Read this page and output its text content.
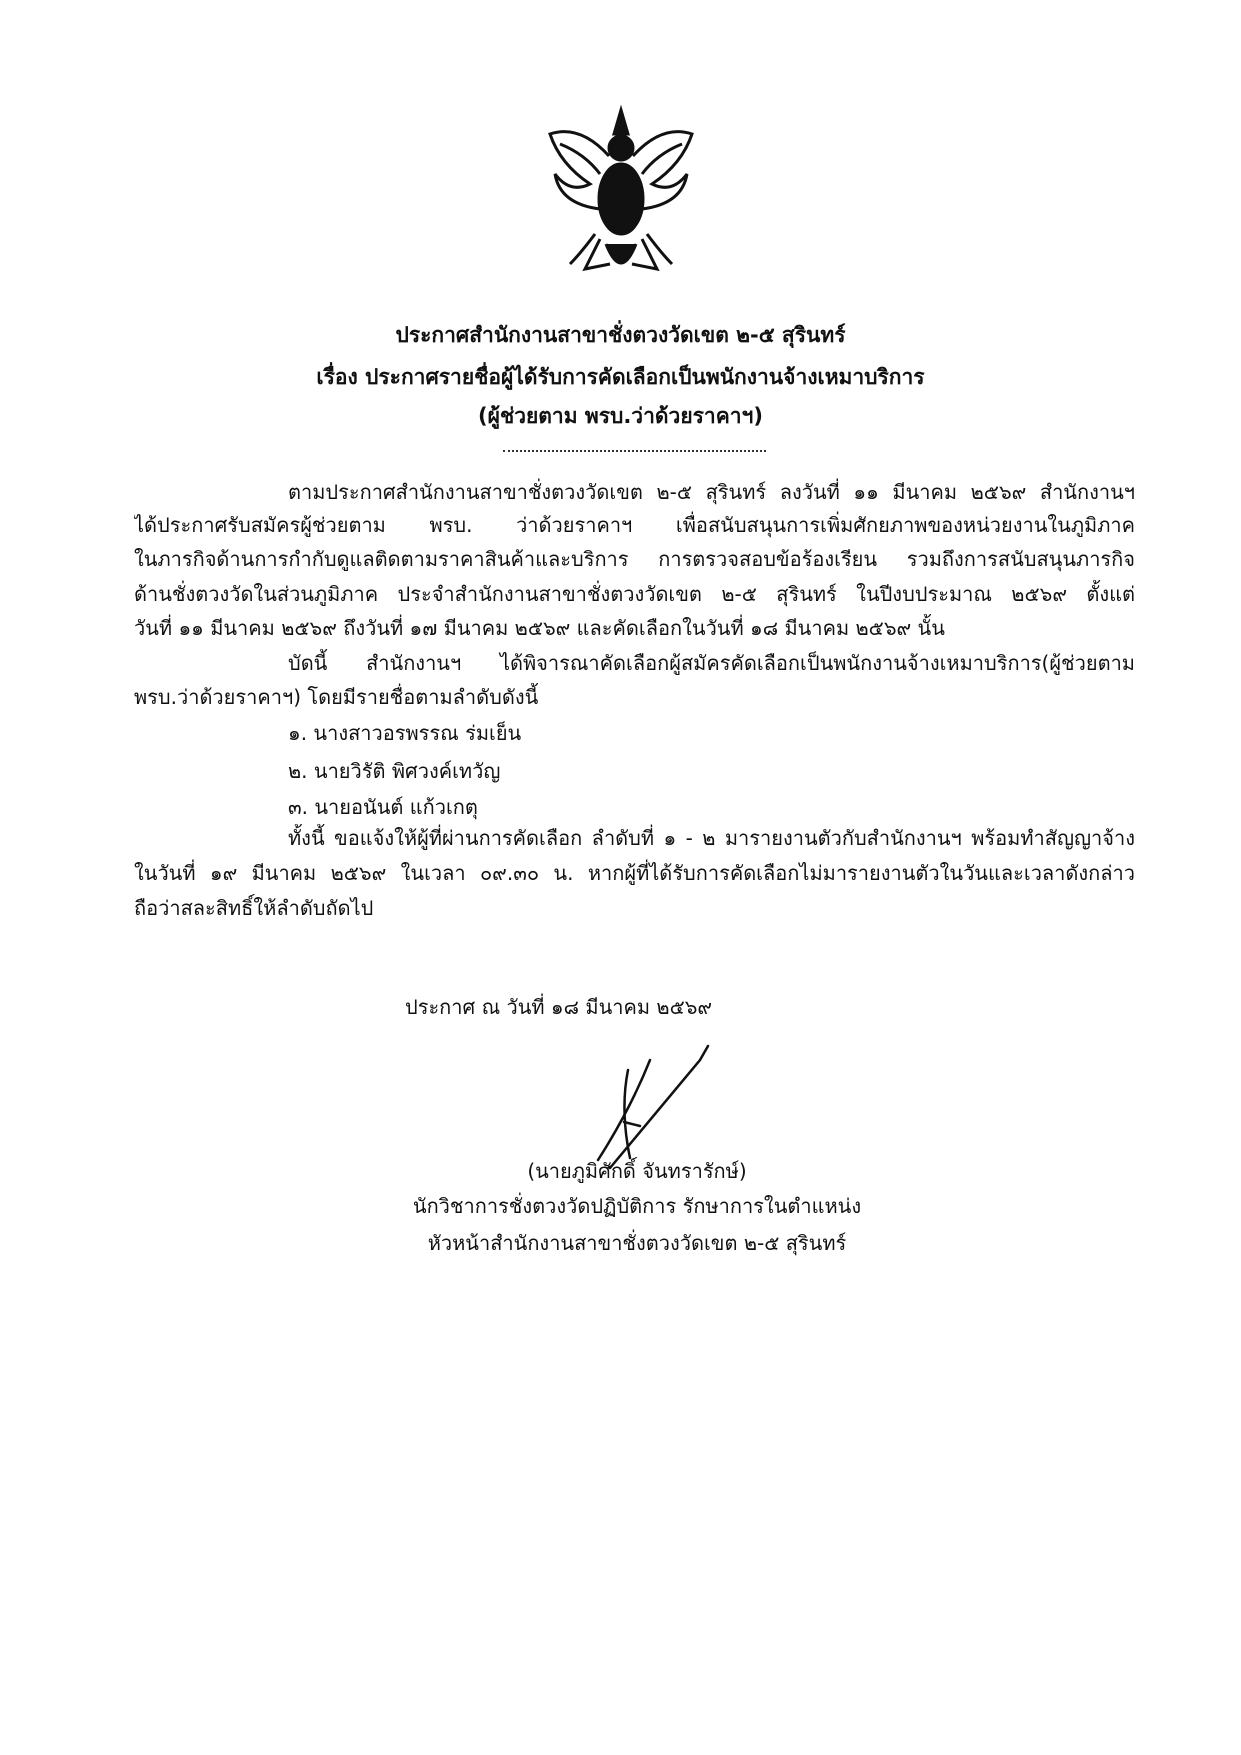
ประกาศสำนักงานสาขาชั่งตวงวัดเขต ๒-๕ สุรินทร์
เรื่อง ประกาศรายชื่อผู้ได้รับการคัดเลือกเป็นพนักงานจ้างเหมาบริการ
(ผู้ช่วยตาม พรบ.ว่าด้วยราคาฯ)
ตามประกาศสำนักงานสาขาชั่งตวงวัดเขต ๒-๕ สุรินทร์ ลงวันที่ ๑๑ มีนาคม ๒๕๖๙ สำนักงานฯ
ได้ประกาศรับสมัครผู้ช่วยตาม พรบ. ว่าด้วยราคาฯ เพื่อสนับสนุนการเพิ่มศักยภาพของหน่วยงานในภูมิภาค
ในภารกิจด้านการกำกับดูแลติดตามราคาสินค้าและบริการ การตรวจสอบข้อร้องเรียน รวมถึงการสนับสนุนภารกิจ
ด้านชั่งตวงวัดในส่วนภูมิภาค ประจำสำนักงานสาขาชั่งตวงวัดเขต ๒-๕ สุรินทร์ ในปีงบประมาณ ๒๕๖๙ ตั้งแต่
วันที่ ๑๑ มีนาคม ๒๕๖๙ ถึงวันที่ ๑๗ มีนาคม ๒๕๖๙ และคัดเลือกในวันที่ ๑๘ มีนาคม ๒๕๖๙ นั้น
บัดนี้ สำนักงานฯ ได้พิจารณาคัดเลือกผู้สมัครคัดเลือกเป็นพนักงานจ้างเหมาบริการ(ผู้ช่วยตาม
พรบ.ว่าด้วยราคาฯ) โดยมีรายชื่อตามลำดับดังนี้
๑. นางสาวอรพรรณ ร่มเย็น
๒. นายวิรัติ พิศวงค์เทวัญ
๓. นายอนันต์ แก้วเกตุ
ทั้งนี้ ขอแจ้งให้ผู้ที่ผ่านการคัดเลือก ลำดับที่ ๑ - ๒ มารายงานตัวกับสำนักงานฯ พร้อมทำสัญญาจ้าง
ในวันที่ ๑๙ มีนาคม ๒๕๖๙ ในเวลา ๐๙.๓๐ น. หากผู้ที่ได้รับการคัดเลือกไม่มารายงานตัวในวันและเวลาดังกล่าว
ถือว่าสละสิทธิ์ให้ลำดับถัดไป
ประกาศ ณ วันที่ ๑๘ มีนาคม ๒๕๖๙
(นายภูมิศักดิ์ จันทรารักษ์)
นักวิชาการชั่งตวงวัดปฏิบัติการ รักษาการในตำแหน่ง
หัวหน้าสำนักงานสาขาชั่งตวงวัดเขต ๒-๕ สุรินทร์
